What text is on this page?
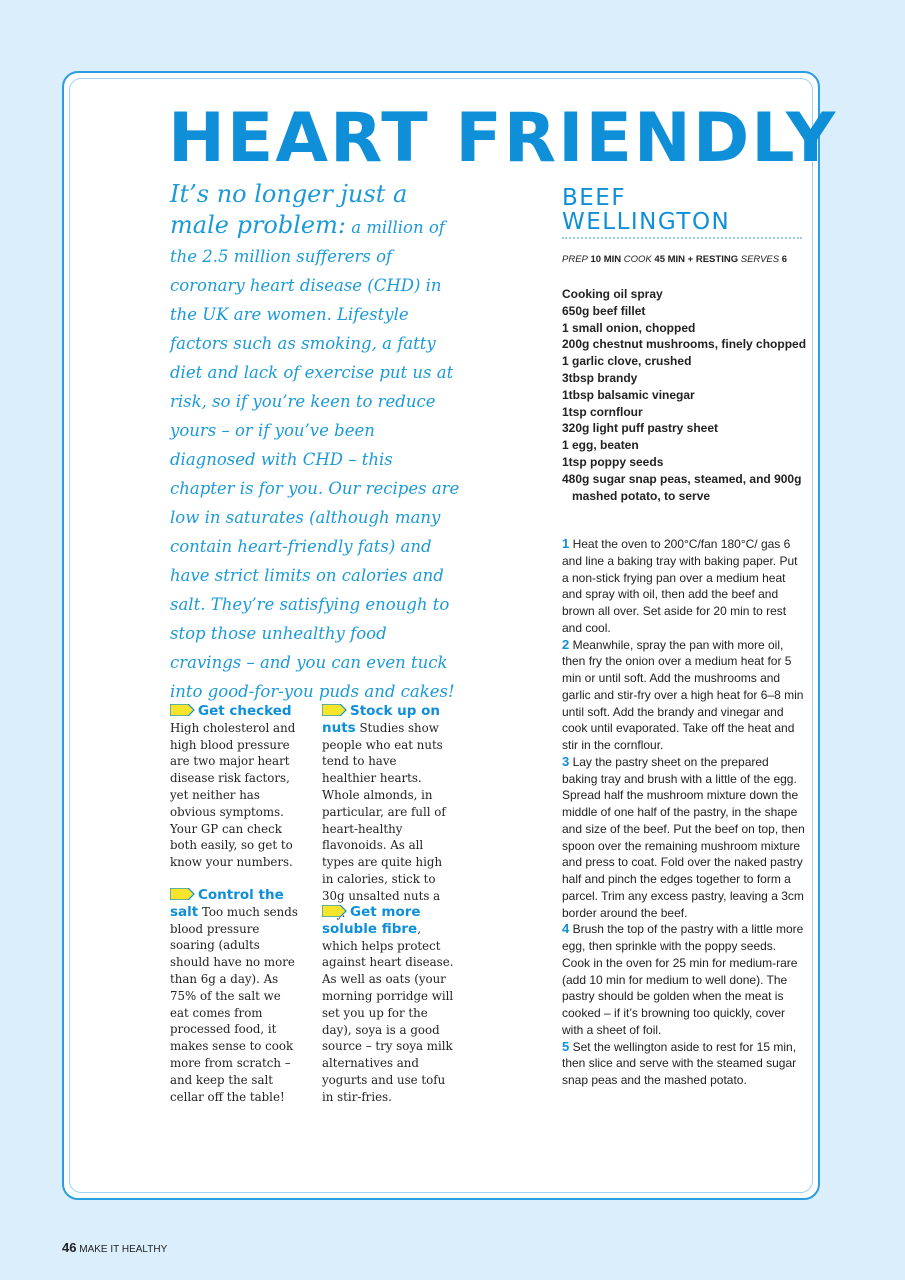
HEART FRIENDLY
It’s no longer just a male problem: a million of the 2.5 million sufferers of coronary heart disease (CHD) in the UK are women. Lifestyle factors such as smoking, a fatty diet and lack of exercise put us at risk, so if you’re keen to reduce yours – or if you’ve been diagnosed with CHD – this chapter is for you. Our recipes are low in saturates (although many contain heart-friendly fats) and have strict limits on calories and salt. They’re satisfying enough to stop those unhealthy food cravings – and you can even tuck into good-for-you puds and cakes!
Get checked High cholesterol and high blood pressure are two major heart disease risk factors, yet neither has obvious symptoms. Your GP can check both easily, so get to know your numbers.
Control the salt Too much sends blood pressure soaring (adults should have no more than 6g a day). As 75% of the salt we eat comes from processed food, it makes sense to cook more from scratch – and keep the salt cellar off the table!
Stock up on nuts Studies show people who eat nuts tend to have healthier hearts. Whole almonds, in particular, are full of heart-healthy flavonoids. As all types are quite high in calories, stick to 30g unsalted nuts a
Get more soluble fibre, which helps protect against heart disease. As well as oats (your morning porridge will set you up for the day), soya is a good source – try soya milk alternatives and yogurts and use tofu in stir-fries.
BEEF
WELLINGTON
PREP 10 MIN COOK 45 MIN + RESTING SERVES 6
Cooking oil spray
650g beef fillet
1 small onion, chopped
200g chestnut mushrooms, finely chopped
1 garlic clove, crushed
3tbsp brandy
1tbsp balsamic vinegar
1tsp cornflour
320g light puff pastry sheet
1 egg, beaten
1tsp poppy seeds
480g sugar snap peas, steamed, and 900g mashed potato, to serve
1 Heat the oven to 200°C/fan 180°C/ gas 6 and line a baking tray with baking paper. Put a non-stick frying pan over a medium heat and spray with oil, then add the beef and brown all over. Set aside for 20 min to rest and cool.
2 Meanwhile, spray the pan with more oil, then fry the onion over a medium heat for 5 min or until soft. Add the mushrooms and garlic and stir-fry over a high heat for 6–8 min until soft. Add the brandy and vinegar and cook until evaporated. Take off the heat and stir in the cornflour.
3 Lay the pastry sheet on the prepared baking tray and brush with a little of the egg. Spread half the mushroom mixture down the middle of one half of the pastry, in the shape and size of the beef. Put the beef on top, then spoon over the remaining mushroom mixture and press to coat. Fold over the naked pastry half and pinch the edges together to form a parcel. Trim any excess pastry, leaving a 3cm border around the beef.
4 Brush the top of the pastry with a little more egg, then sprinkle with the poppy seeds. Cook in the oven for 25 min for medium-rare (add 10 min for medium to well done). The pastry should be golden when the meat is cooked – if it’s browning too quickly, cover with a sheet of foil.
5 Set the wellington aside to rest for 15 min, then slice and serve with the steamed sugar snap peas and the mashed potato.
46 MAKE IT HEALTHY
